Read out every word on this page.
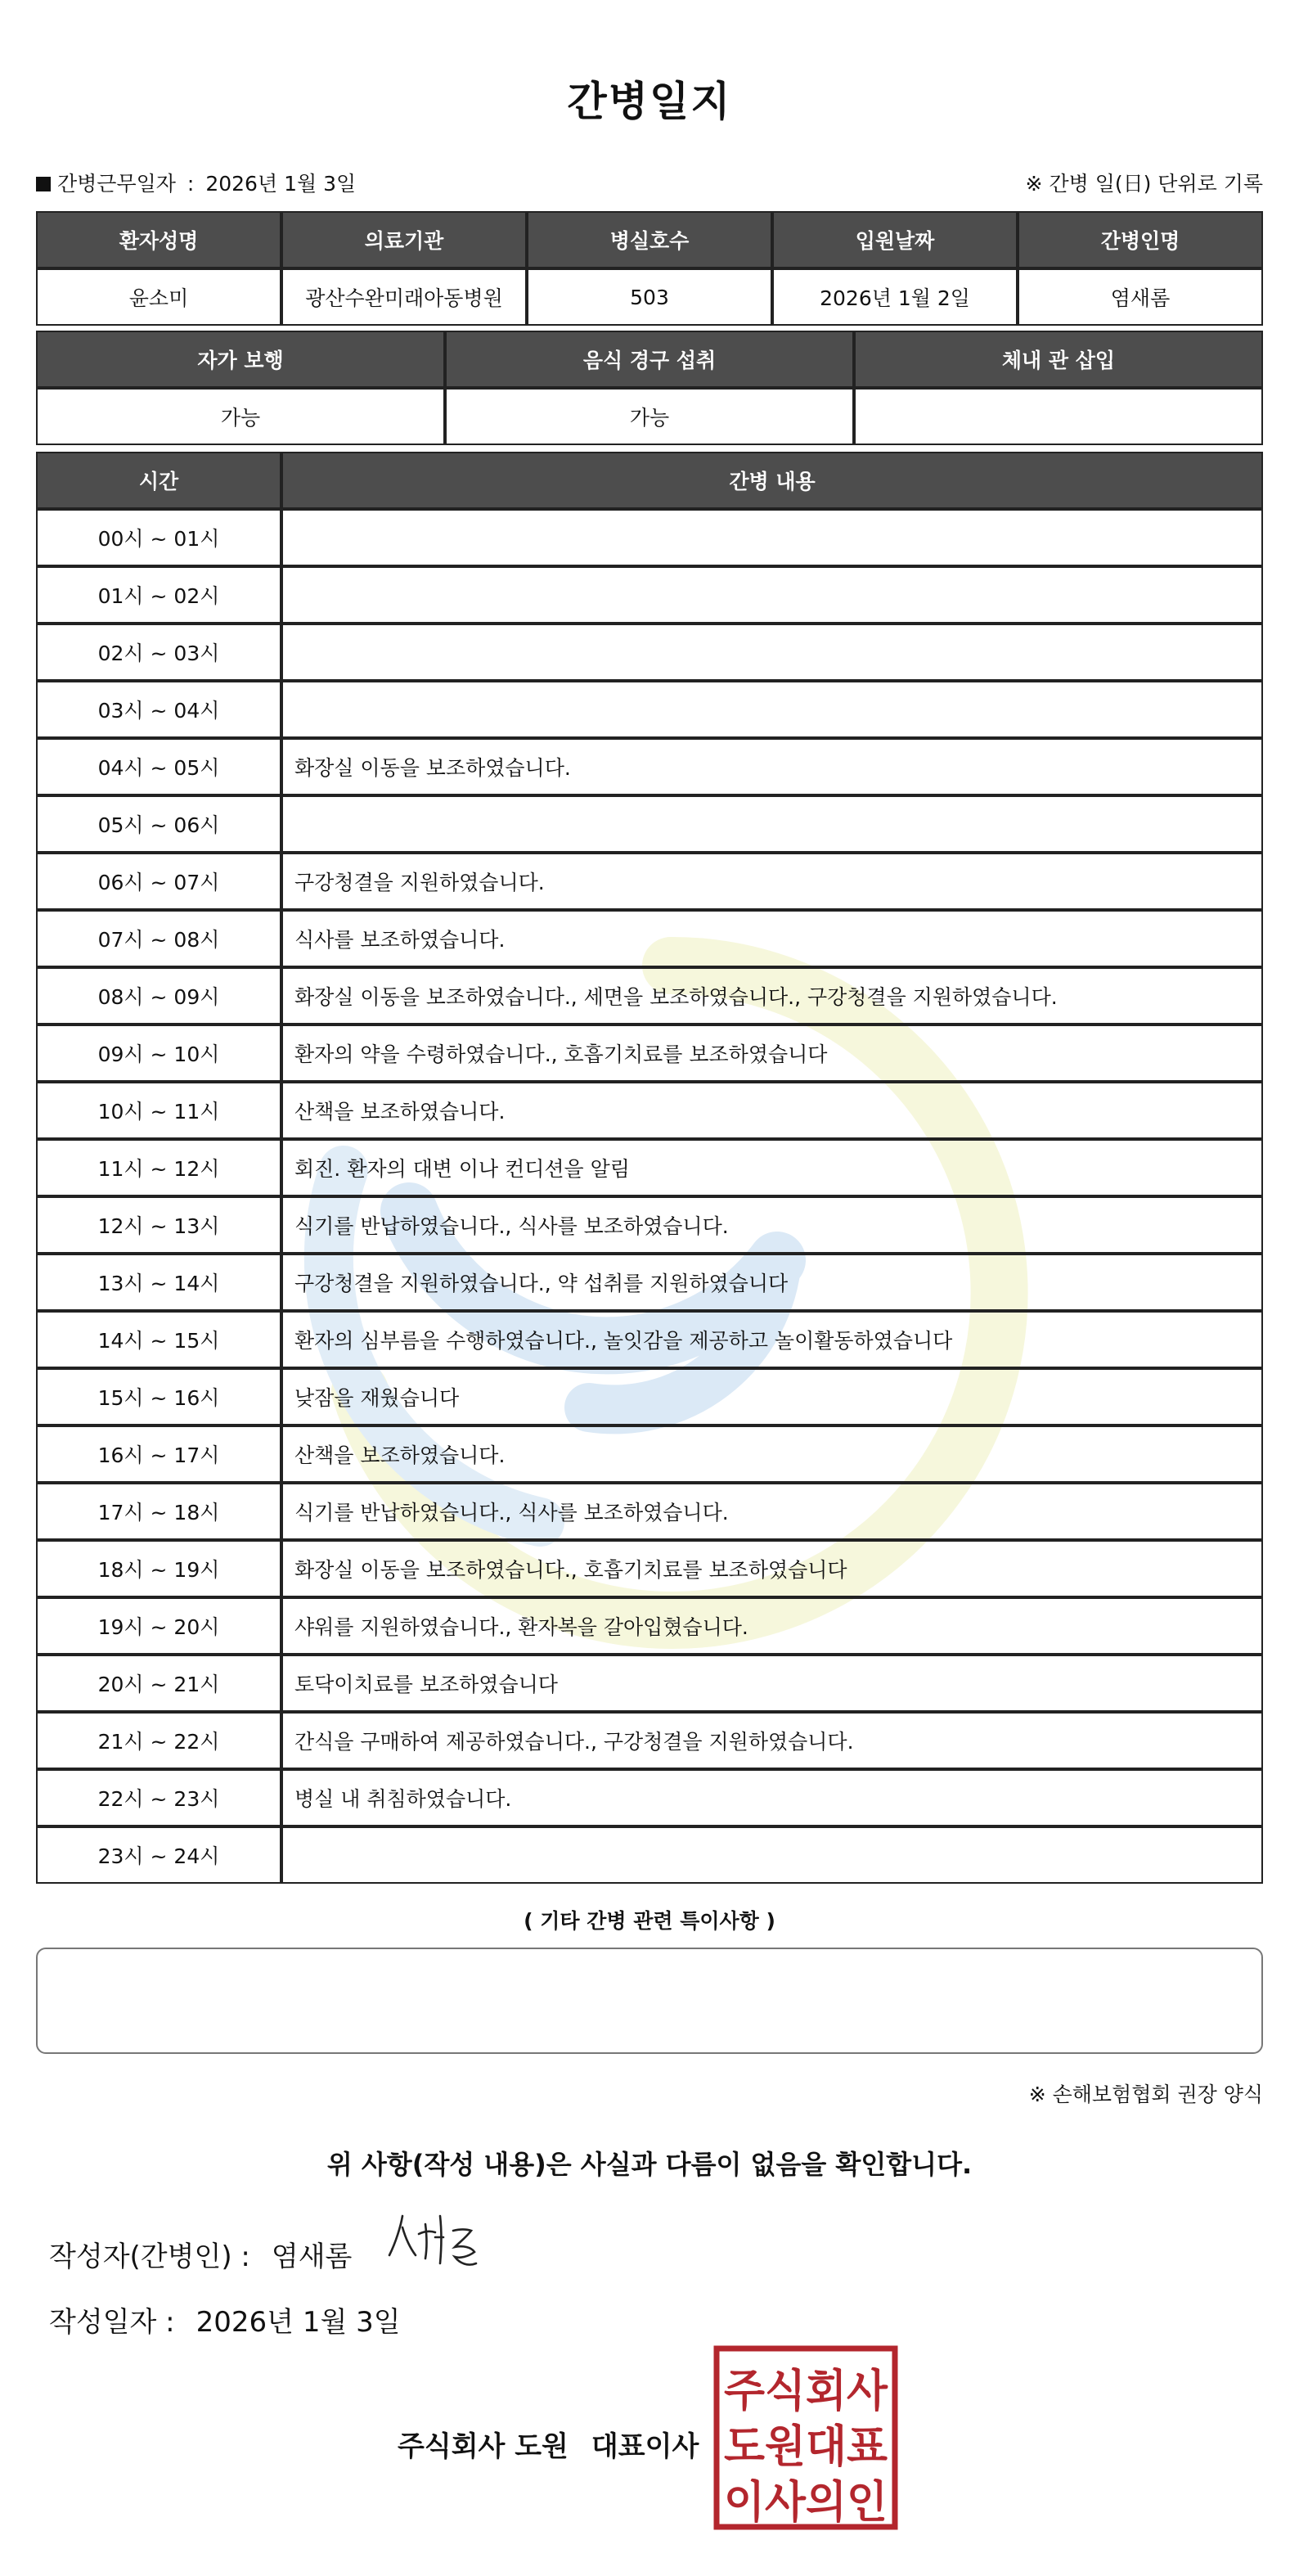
간병일지
간병근무일자 : 2026년 1월 3일	※ 간병 일(日) 단위로 기록
환자성명	의료기관	병실호수	입원날짜	간병인명
윤소미	광산수완미래아동병원	503	2026년 1월 2일	염새롬
자가 보행	음식 경구 섭취	체내 관 삽입
가능	가능
시간	간병 내용
00시 ~ 01시
01시 ~ 02시
02시 ~ 03시
03시 ~ 04시
04시 ~ 05시	화장실 이동을 보조하였습니다.
05시 ~ 06시
06시 ~ 07시	구강청결을 지원하였습니다.
07시 ~ 08시	식사를 보조하였습니다.
08시 ~ 09시	화장실 이동을 보조하였습니다., 세면을 보조하였습니다., 구강청결을 지원하였습니다.
09시 ~ 10시	환자의 약을 수령하였습니다., 호흡기치료를 보조하였습니다
10시 ~ 11시	산책을 보조하였습니다.
11시 ~ 12시	회진. 환자의 대변 이나 컨디션을 알림
12시 ~ 13시	식기를 반납하였습니다., 식사를 보조하였습니다.
13시 ~ 14시	구강청결을 지원하였습니다., 약 섭취를 지원하였습니다
14시 ~ 15시	환자의 심부름을 수행하였습니다., 놀잇감을 제공하고 놀이활동하였습니다
15시 ~ 16시	낮잠을 재웠습니다
16시 ~ 17시	산책을 보조하였습니다.
17시 ~ 18시	식기를 반납하였습니다., 식사를 보조하였습니다.
18시 ~ 19시	화장실 이동을 보조하였습니다., 호흡기치료를 보조하였습니다
19시 ~ 20시	샤워를 지원하였습니다., 환자복을 갈아입혔습니다.
20시 ~ 21시	토닥이치료를 보조하였습니다
21시 ~ 22시	간식을 구매하여 제공하였습니다., 구강청결을 지원하였습니다.
22시 ~ 23시	병실 내 취침하였습니다.
23시 ~ 24시
( 기타 간병 관련 특이사항 )
※ 손해보험협회 권장 양식
위 사항(작성 내용)은 사실과 다름이 없음을 확인합니다.
작성자(간병인) : 염새롬
작성일자 : 2026년 1월 3일
주식회사 도원 대표이사
주식회사
도원대표
이사의인
